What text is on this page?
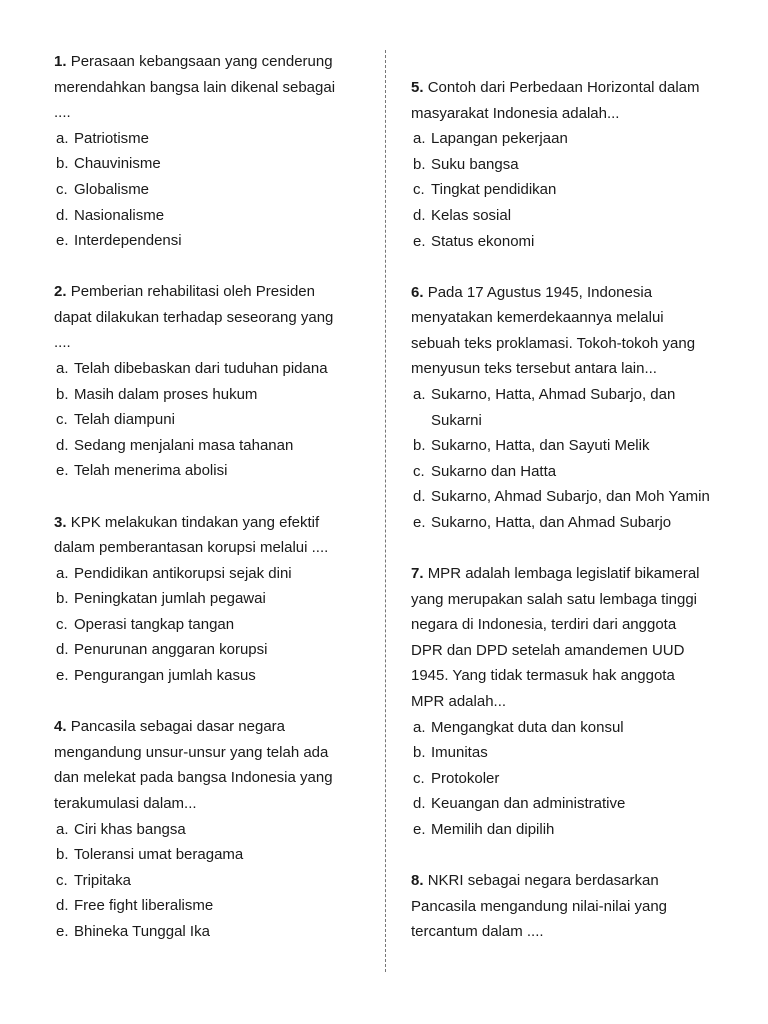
1. Perasaan kebangsaan yang cenderung

merendahkan bangsa lain dikenal sebagai

....

a. Patriotisme
b. Chauvinisme
c. Globalisme
d. Nasionalisme
e. Interdependensi

2. Pemberian rehabilitasi oleh Presiden

dapat dilakukan terhadap seseorang yang

....

a. Telah dibebaskan dari tuduhan pidana
b. Masih dalam proses hukum
c. Telah diampuni
d. Sedang menjalani masa tahanan
e. Telah menerima abolisi

3. KPK melakukan tindakan yang efektif

dalam pemberantasan korupsi melalui ....

a. Pendidikan antikorupsi sejak dini
b. Peningkatan jumlah pegawai
c. Operasi tangkap tangan
d. Penurunan anggaran korupsi
e. Pengurangan jumlah kasus

4. Pancasila sebagai dasar negara

mengandung unsur-unsur yang telah ada

dan melekat pada bangsa Indonesia yang

terakumulasi dalam...

a. Ciri khas bangsa
b. Toleransi umat beragama
c. Tripitaka
d. Free fight liberalisme
e. Bhineka Tunggal Ika

5. Contoh dari Perbedaan Horizontal dalam

masyarakat Indonesia adalah...

a. Lapangan pekerjaan
b. Suku bangsa
c. Tingkat pendidikan
d. Kelas sosial
e. Status ekonomi

6. Pada 17 Agustus 1945, Indonesia

menyatakan kemerdekaannya melalui

sebuah teks proklamasi. Tokoh-tokoh yang

menyusun teks tersebut antara lain...

a. Sukarno, Hatta, Ahmad Subarjo, dan Sukarni
b. Sukarno, Hatta, dan Sayuti Melik
c. Sukarno dan Hatta
d. Sukarno, Ahmad Subarjo, dan Moh Yamin
e. Sukarno, Hatta, dan Ahmad Subarjo

7. MPR adalah lembaga legislatif bikameral

yang merupakan salah satu lembaga tinggi

negara di Indonesia, terdiri dari anggota

DPR dan DPD setelah amandemen UUD

1945. Yang tidak termasuk hak anggota

MPR adalah...

a. Mengangkat duta dan konsul
b. Imunitas
c. Protokoler
d. Keuangan dan administrative
e. Memilih dan dipilih

8. NKRI sebagai negara berdasarkan

Pancasila mengandung nilai-nilai yang

tercantum dalam ....
